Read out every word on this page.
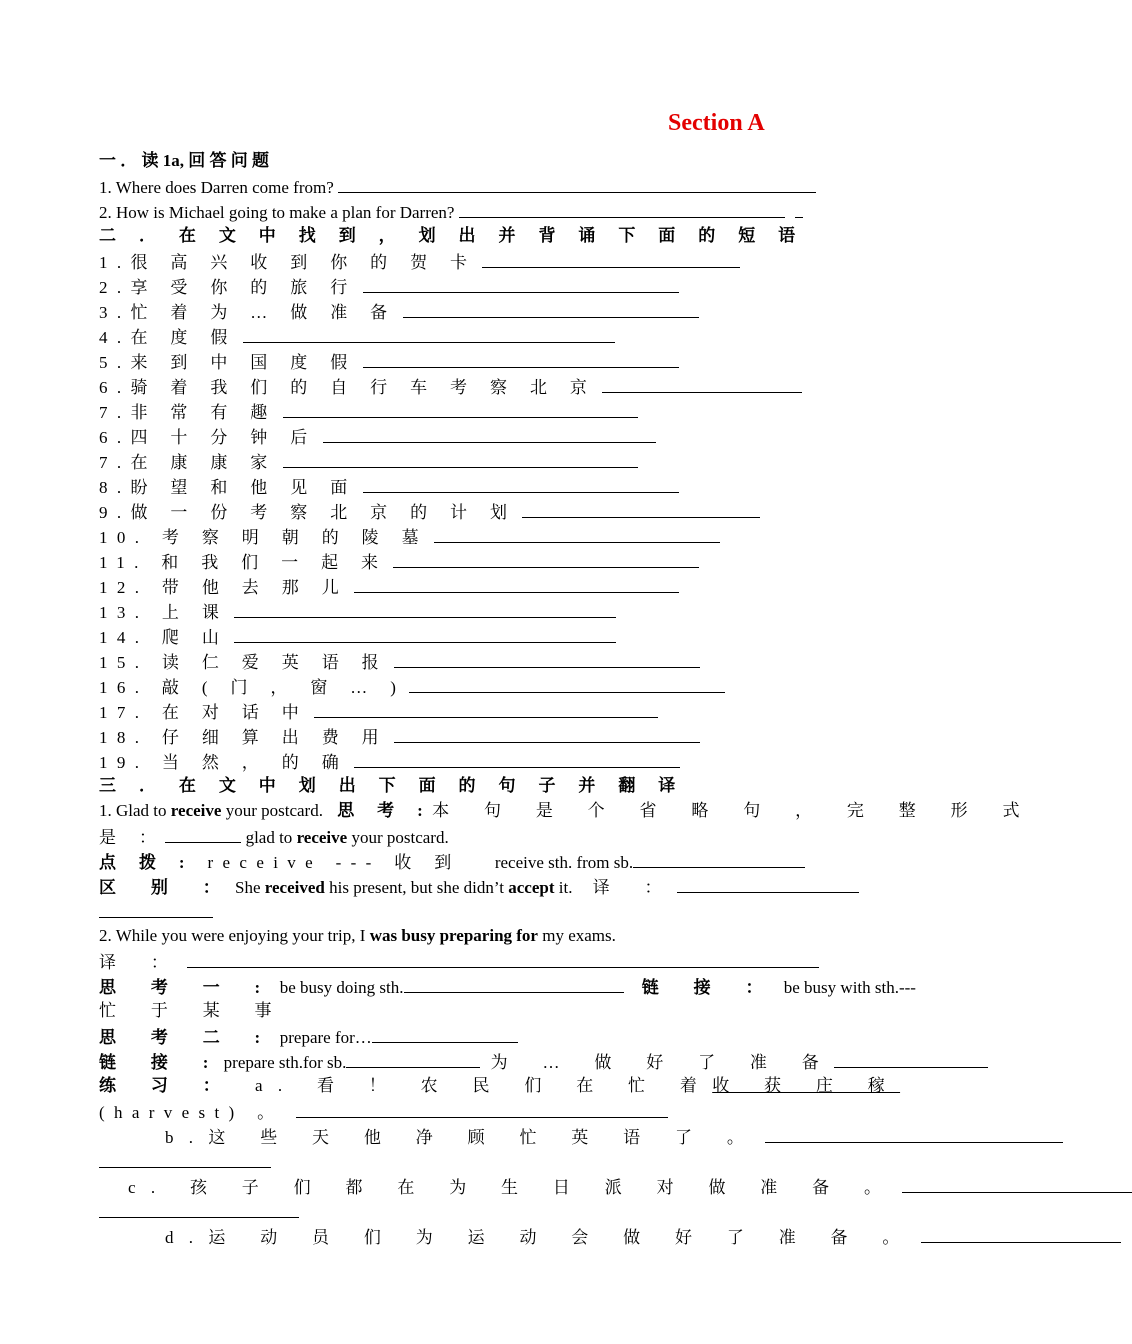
Section A
一 ． 读 1a, 回 答 问 题
1. Where does Darren come from?
2. How is Michael going to make a plan for Darren?
二 ． 在 文 中 找 到 ， 划 出 并 背 诵 下 面 的 短 语
1.很 高 兴 收 到 你 的 贺 卡
2.享 受 你 的 旅 行
3.忙 着 为 … 做 准 备
4.在 度 假
5.来 到 中 国 度 假
6.骑 着 我 们 的 自 行 车 考 察 北 京
7.非 常 有 趣
6.四 十 分 钟 后
7.在 康 康 家
8.盼 望 和 他 见 面
9.做 一 份 考 察 北 京 的 计 划
10. 考 察 明 朝 的 陵 墓
11. 和 我 们 一 起 来
12. 带 他 去 那 儿
13. 上 课
14. 爬 山
15. 读 仁 爱 英 语 报
16. 敲 ( 门 ， 窗 … )
17. 在 对 话 中
18. 仔 细 算 出 费 用
19. 当 然 ， 的 确
三 ． 在 文 中 划 出 下 面 的 句 子 并 翻 译
1. Glad to receive your postcard. 思 考 :本 句 是 个 省 略 句 ， 完 整 形 式
是 ：	glad to receive your postcard.
点 拨 : receive --- 收 到 receive sth. from sb.
区 别 ：She received his present, but she didn’t accept it. 译 ：
2. While you were enjoying your trip, I was busy preparing for my exams.
译 ：
思 考 一 : be busy doing sth.	链 接 ： be busy with sth.---
忙 于 某 事
思 考 二 : prepare for…
链 接 :prepare sth.for sb.	为 … 做 好 了 准 备
练 习 ： a. 看 ！ 农 民 们 在 忙 着收 获 庄 稼
(harvest) 。
b.这 些 天 他 净 顾 忙 英 语 了 。
c. 孩 子 们 都 在 为 生 日 派 对 做 准 备 。
d.运 动 员 们 为 运 动 会 做 好 了 准 备 。
